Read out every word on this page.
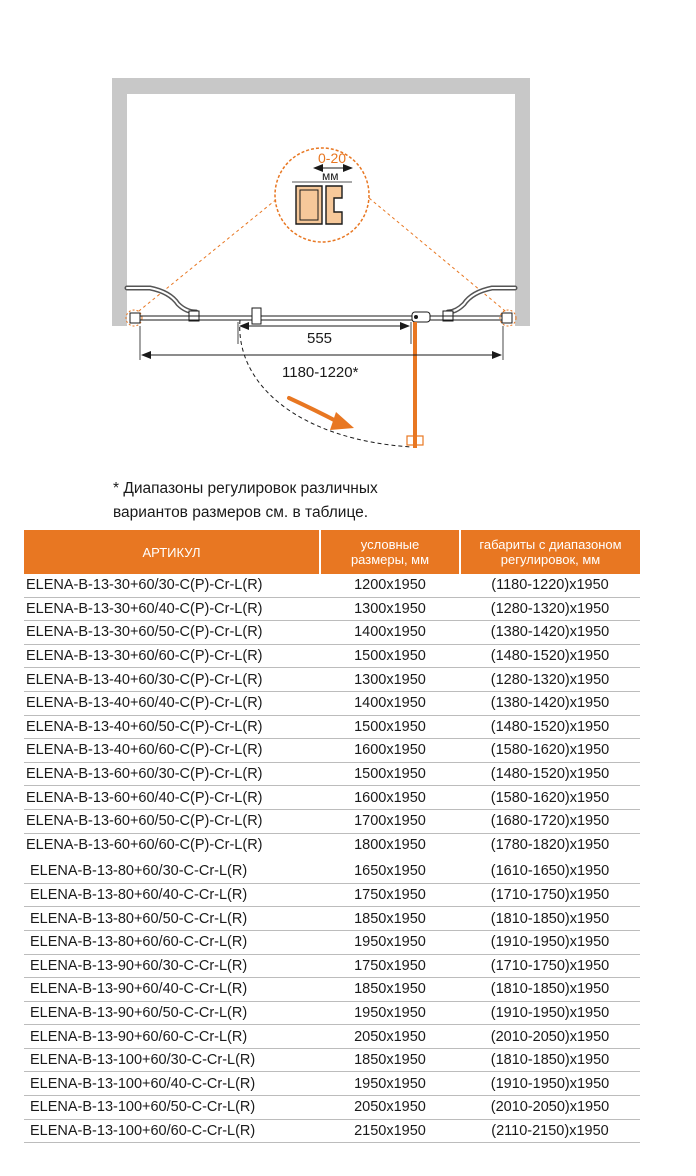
0-20
мм
555
1180-1220*

* Диапазоны регулировок различных

вариантов размеров см. в таблице.

АРТИКУЛ	условные
размеры, мм	габариты с диапазоном
регулировок, мм
ELENA-B-13-30+60/30-C(P)-Cr-L(R)	1200x1950	(1180-1220)x1950
ELENA-B-13-30+60/40-C(P)-Cr-L(R)	1300x1950	(1280-1320)x1950
ELENA-B-13-30+60/50-C(P)-Cr-L(R)	1400x1950	(1380-1420)x1950
ELENA-B-13-30+60/60-C(P)-Cr-L(R)	1500x1950	(1480-1520)x1950
ELENA-B-13-40+60/30-C(P)-Cr-L(R)	1300x1950	(1280-1320)x1950
ELENA-B-13-40+60/40-C(P)-Cr-L(R)	1400x1950	(1380-1420)x1950
ELENA-B-13-40+60/50-C(P)-Cr-L(R)	1500x1950	(1480-1520)x1950
ELENA-B-13-40+60/60-C(P)-Cr-L(R)	1600x1950	(1580-1620)x1950
ELENA-B-13-60+60/30-C(P)-Cr-L(R)	1500x1950	(1480-1520)x1950
ELENA-B-13-60+60/40-C(P)-Cr-L(R)	1600x1950	(1580-1620)x1950
ELENA-B-13-60+60/50-C(P)-Cr-L(R)	1700x1950	(1680-1720)x1950
ELENA-B-13-60+60/60-C(P)-Cr-L(R)	1800x1950	(1780-1820)x1950
ELENA-B-13-80+60/30-C-Cr-L(R)	1650x1950	(1610-1650)x1950
ELENA-B-13-80+60/40-C-Cr-L(R)	1750x1950	(1710-1750)x1950
ELENA-B-13-80+60/50-C-Cr-L(R)	1850x1950	(1810-1850)x1950
ELENA-B-13-80+60/60-C-Cr-L(R)	1950x1950	(1910-1950)x1950
ELENA-B-13-90+60/30-C-Cr-L(R)	1750x1950	(1710-1750)x1950
ELENA-B-13-90+60/40-C-Cr-L(R)	1850x1950	(1810-1850)x1950
ELENA-B-13-90+60/50-C-Cr-L(R)	1950x1950	(1910-1950)x1950
ELENA-B-13-90+60/60-C-Cr-L(R)	2050x1950	(2010-2050)x1950
ELENA-B-13-100+60/30-C-Cr-L(R)	1850x1950	(1810-1850)x1950
ELENA-B-13-100+60/40-C-Cr-L(R)	1950x1950	(1910-1950)x1950
ELENA-B-13-100+60/50-C-Cr-L(R)	2050x1950	(2010-2050)x1950
ELENA-B-13-100+60/60-C-Cr-L(R)	2150x1950	(2110-2150)x1950
